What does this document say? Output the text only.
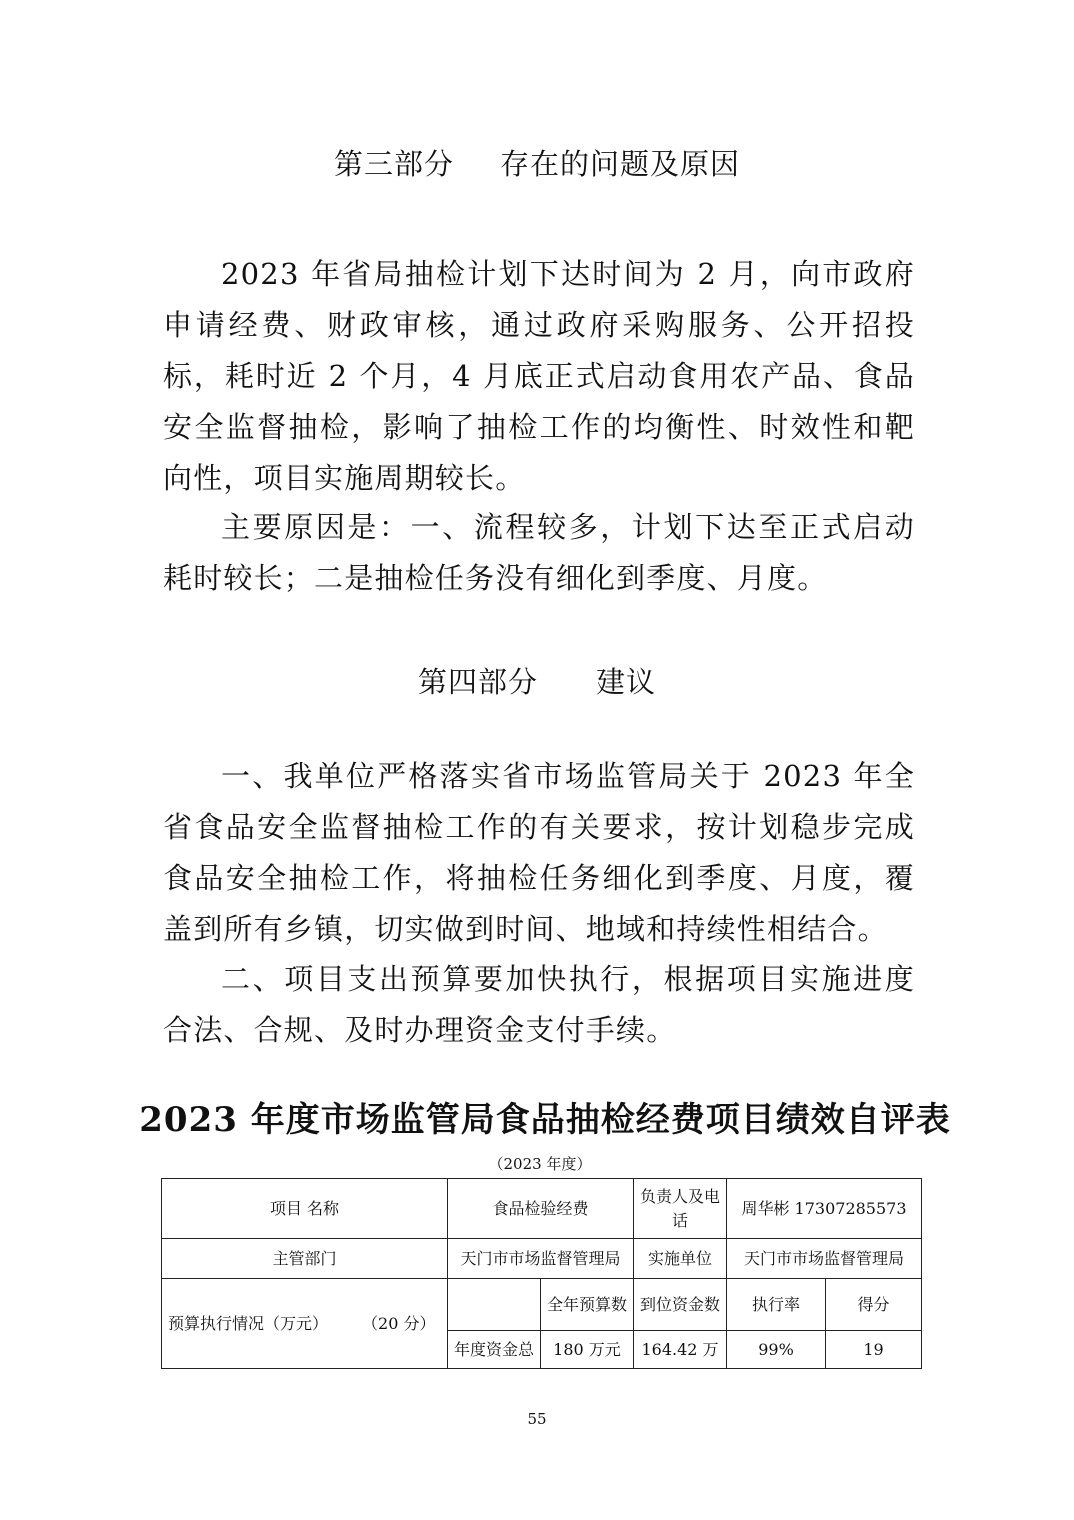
第三部分 存在的问题及原因
2023 年省局抽检计划下达时间为 2 月，向市政府申请经费、财政审核，通过政府采购服务、公开招投标，耗时近 2 个月，4 月底正式启动食用农产品、食品安全监督抽检，影响了抽检工作的均衡性、时效性和靶向性，项目实施周期较长。
主要原因是：一、流程较多，计划下达至正式启动耗时较长；二是抽检任务没有细化到季度、月度。
第四部分 建议
一、我单位严格落实省市场监管局关于 2023 年全省食品安全监督抽检工作的有关要求，按计划稳步完成食品安全抽检工作，将抽检任务细化到季度、月度，覆盖到所有乡镇，切实做到时间、地域和持续性相结合。
二、项目支出预算要加快执行，根据项目实施进度合法、合规、及时办理资金支付手续。
2023 年度市场监管局食品抽检经费项目绩效自评表
（2023 年度）
项目 名称	食品检验经费		负责人及电话	周华彬 17307285573	
主管部门	天门市市场监督管理局		实施单位	天门市市场监督管理局	
预算执行情况（万元） （20 分）		全年预算数	到位资金数	执行率	得分
	年度资金总	180 万元	164.42 万	99%	19
55
